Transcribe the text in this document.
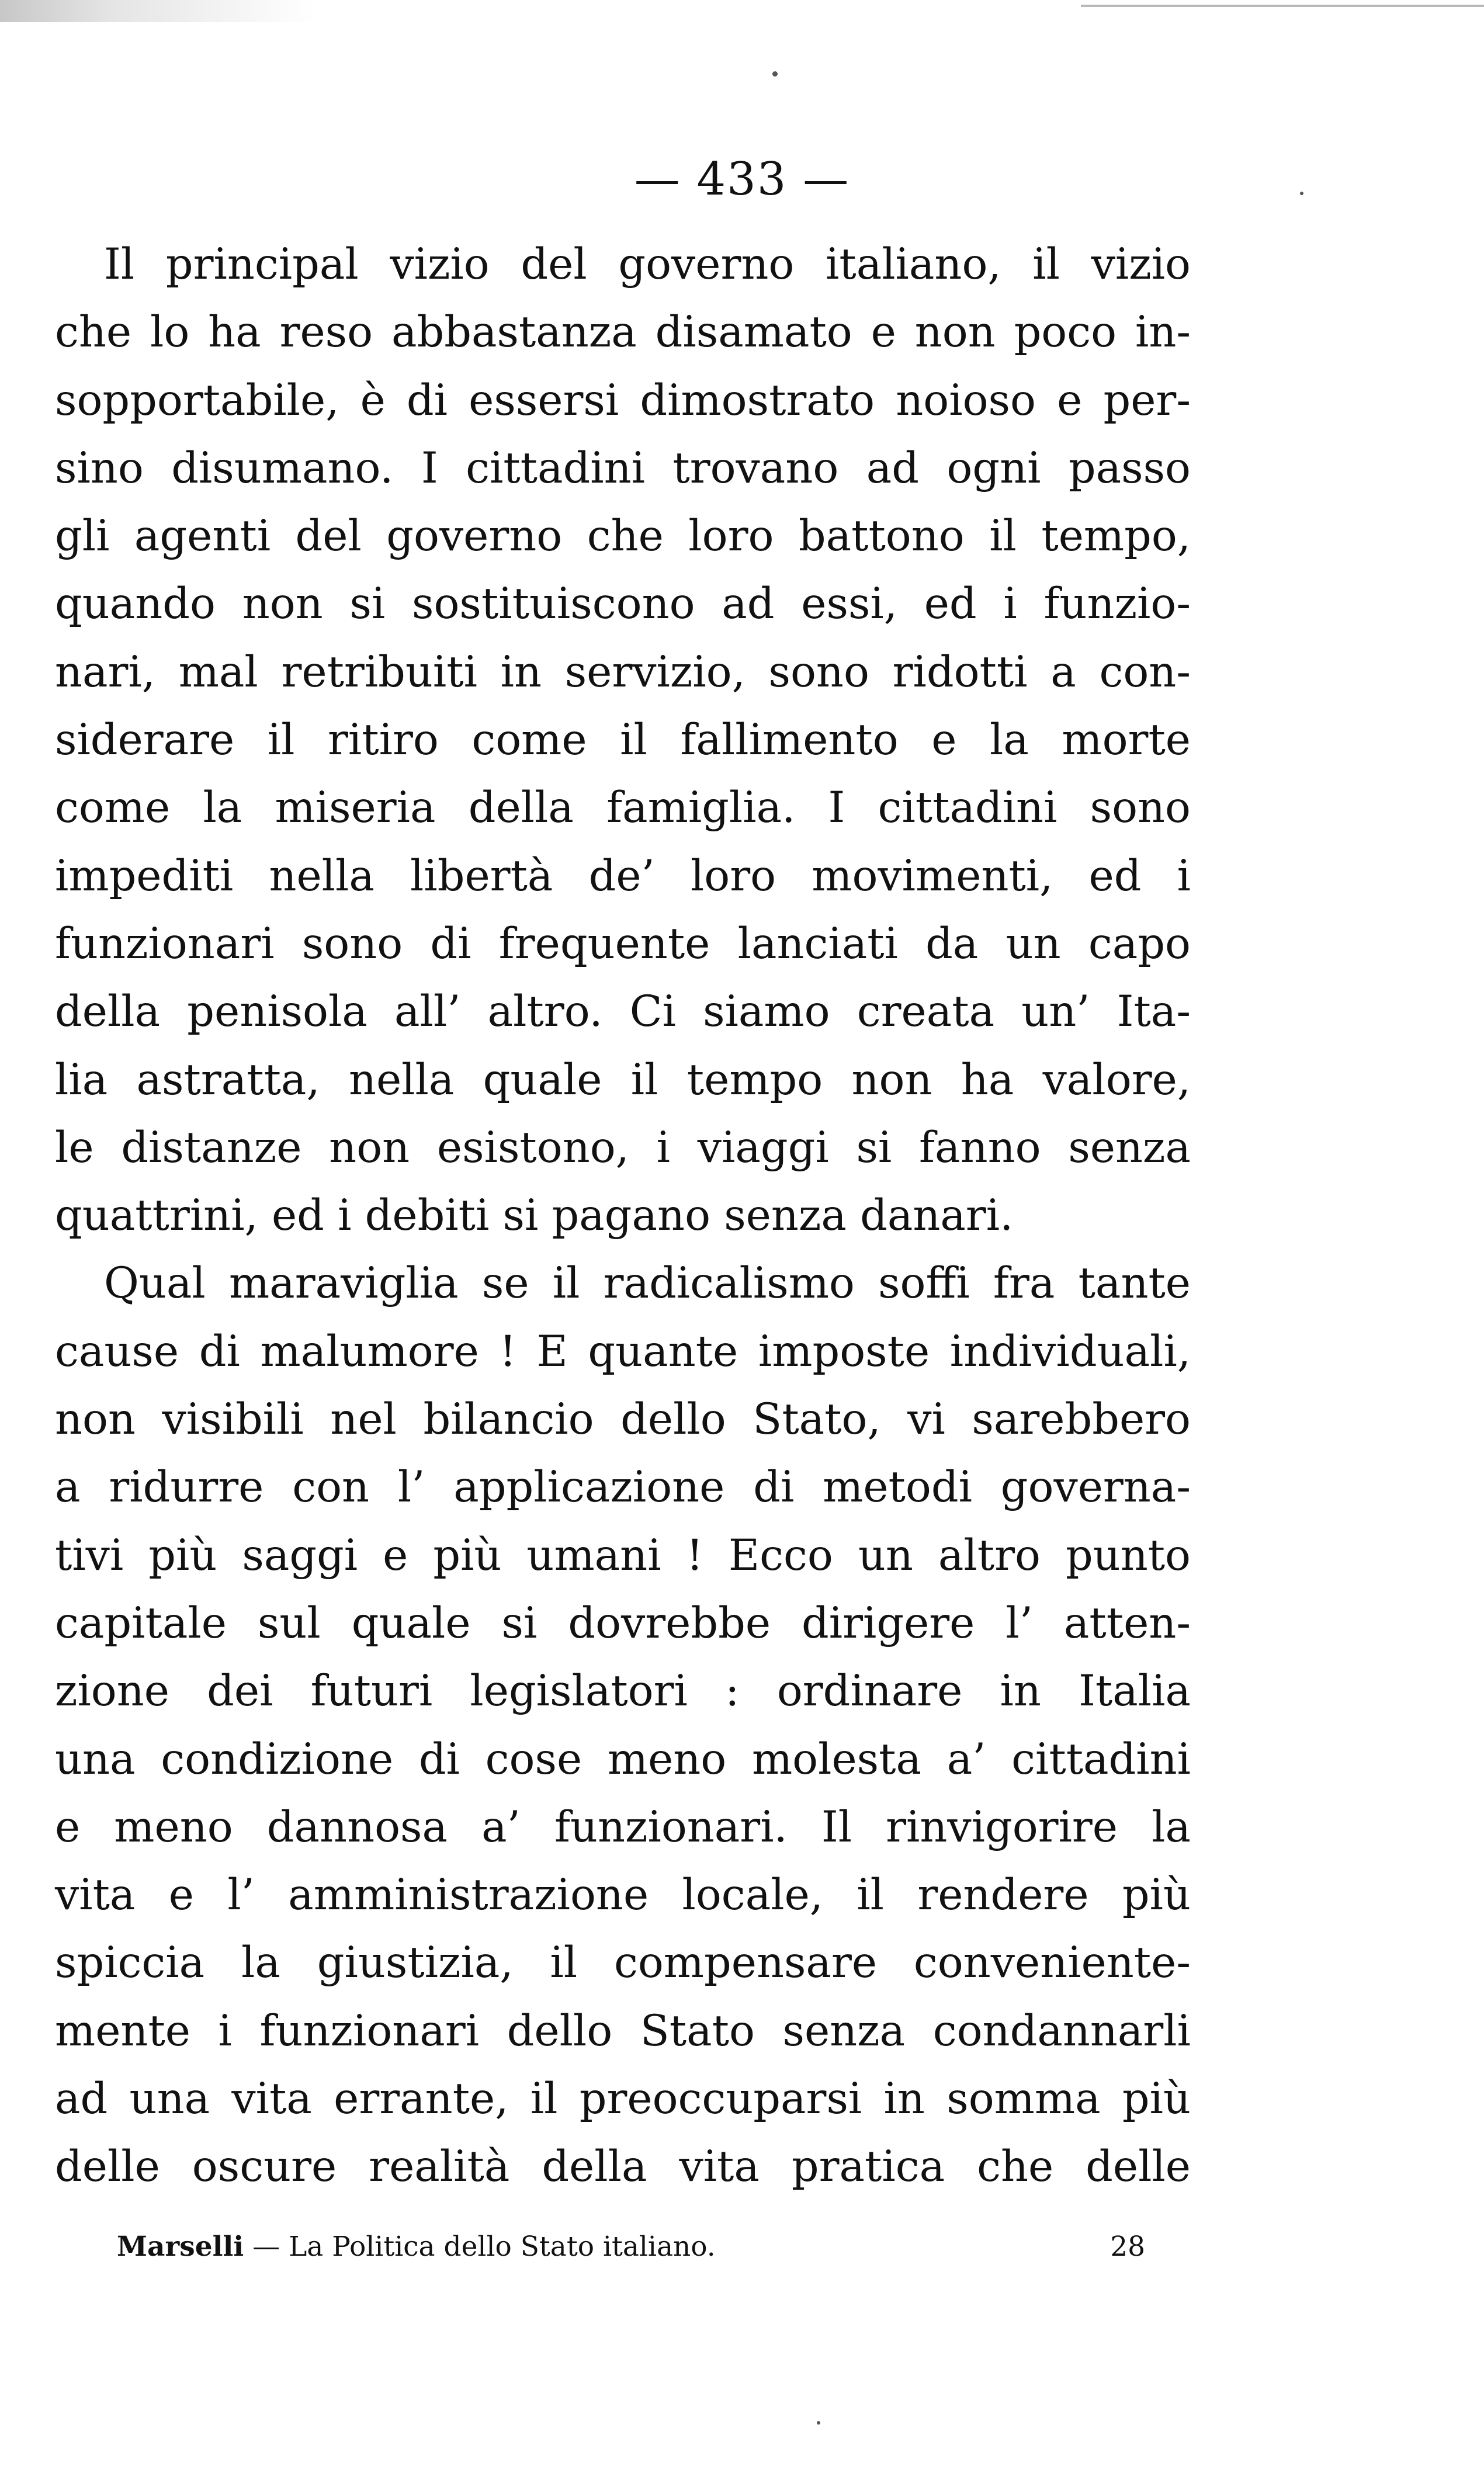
— 433 —
Il principal vizio del governo italiano, il vizio
che lo ha reso abbastanza disamato e non poco in-
sopportabile, è di essersi dimostrato noioso e per-
sino disumano. I cittadini trovano ad ogni passo
gli agenti del governo che loro battono il tempo,
quando non si sostituiscono ad essi, ed i funzio-
nari, mal retribuiti in servizio, sono ridotti a con-
siderare il ritiro come il fallimento e la morte
come la miseria della famiglia. I cittadini sono
impediti nella libertà de’ loro movimenti, ed i
funzionari sono di frequente lanciati da un capo
della penisola all’ altro. Ci siamo creata un’ Ita-
lia astratta, nella quale il tempo non ha valore,
le distanze non esistono, i viaggi si fanno senza
quattrini, ed i debiti si pagano senza danari.
Qual maraviglia se il radicalismo soffi fra tante
cause di malumore ! E quante imposte individuali,
non visibili nel bilancio dello Stato, vi sarebbero
a ridurre con l’ applicazione di metodi governa-
tivi più saggi e più umani ! Ecco un altro punto
capitale sul quale si dovrebbe dirigere l’ atten-
zione dei futuri legislatori : ordinare in Italia
una condizione di cose meno molesta a’ cittadini
e meno dannosa a’ funzionari. Il rinvigorire la
vita e l’ amministrazione locale, il rendere più
spiccia la giustizia, il compensare conveniente-
mente i funzionari dello Stato senza condannarli
ad una vita errante, il preoccuparsi in somma più
delle oscure realità della vita pratica che delle
Marselli — La Politica dello Stato italiano.	28
